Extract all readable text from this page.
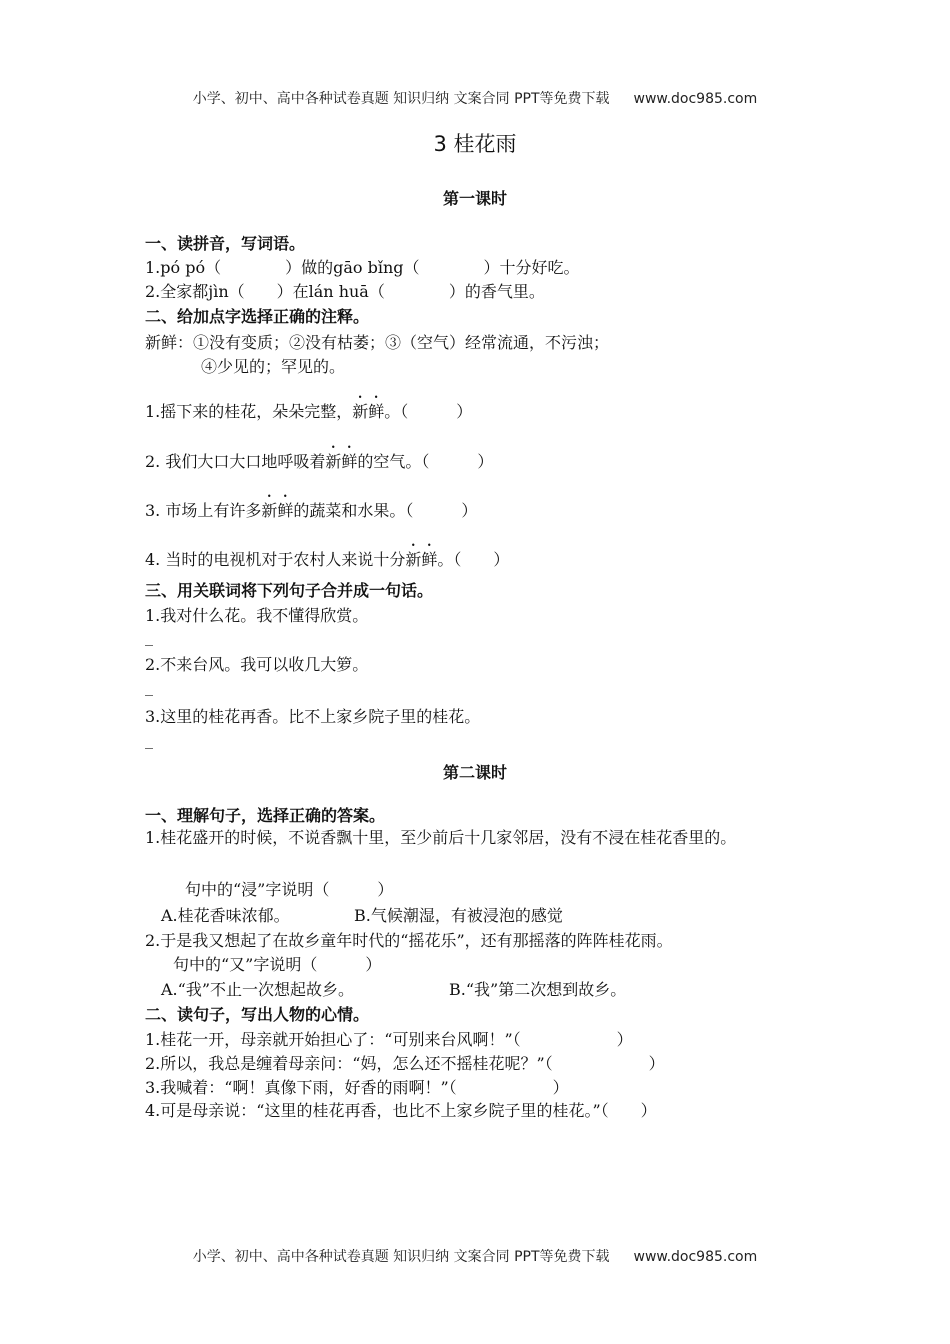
小学、初中、高中各种试卷真题 知识归纳 文案合同 PPT等免费下载 www.doc985.com
3 桂花雨
第一课时
一、读拼音，写词语。
1.pó pó（　　　　）做的gāo bǐng（　　　　）十分好吃。
2.全家都jìn（　　）在lán huā（　　　　）的香气里。
二、给加点字选择正确的注释。
新鲜：①没有变质；②没有枯萎；③（空气）经常流通，不污浊；
④少见的；罕见的。
1.摇下来的桂花，朵朵完整，新鲜。（　　　）
2. 我们大口大口地呼吸着新鲜的空气。（　　　）
3. 市场上有许多新鲜的蔬菜和水果。（　　　）
4. 当时的电视机对于农村人来说十分新鲜。（　　）
三、用关联词将下列句子合并成一句话。
1.我对什么花。我不懂得欣赏。
_
2.不来台风。我可以收几大箩。
_
3.这里的桂花再香。比不上家乡院子里的桂花。
_
第二课时
一、理解句子，选择正确的答案。
1.桂花盛开的时候，不说香飘十里，至少前后十几家邻居，没有不浸在桂花香里的。
句中的“浸”字说明（　　　）
A.桂花香味浓郁。	B.气候潮湿，有被浸泡的感觉
2.于是我又想起了在故乡童年时代的“摇花乐”，还有那摇落的阵阵桂花雨。
句中的“又”字说明（　　　）
A.“我”不止一次想起故乡。	B.“我”第二次想到故乡。
二、读句子，写出人物的心情。
1.桂花一开，母亲就开始担心了：“可别来台风啊！”（　　　　　　）
2.所以，我总是缠着母亲问：“妈，怎么还不摇桂花呢？”（　　　　　　）
3.我喊着：“啊！真像下雨，好香的雨啊！”（　　　　　　）
4.可是母亲说：“这里的桂花再香，也比不上家乡院子里的桂花。”（　　）
小学、初中、高中各种试卷真题 知识归纳 文案合同 PPT等免费下载 www.doc985.com
